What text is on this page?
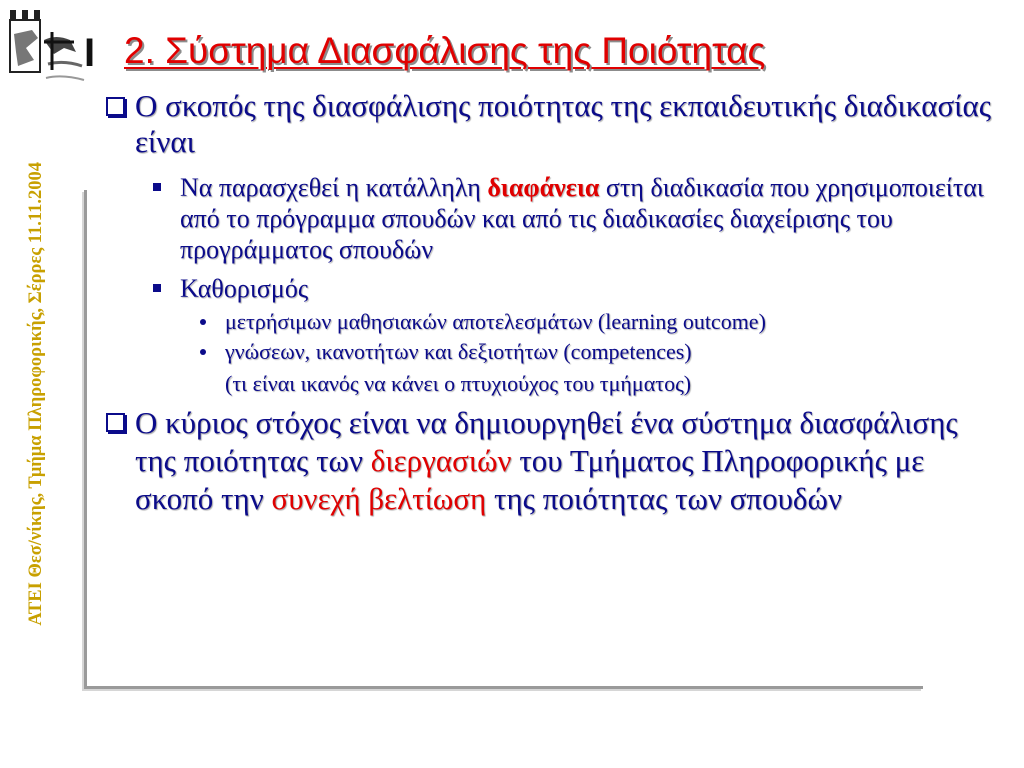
I 2. Σύστημα Διασφάλισης της Ποιότητας
ΑΤΕΙ Θεσ/νίκης, Τμήμα Πληροφορικής, Σέρρες 11.11.2004
Ο σκοπός της διασφάλισης ποιότητας της εκπαιδευτικής διαδικασίας είναι
Να παρασχεθεί η κατάλληλη διαφάνεια στη διαδικασία που χρησιμοποιείται από το πρόγραμμα σπουδών και από τις διαδικασίες διαχείρισης του προγράμματος σπουδών
Καθορισμός
μετρήσιμων μαθησιακών αποτελεσμάτων (learning outcome)
γνώσεων, ικανοτήτων και δεξιοτήτων (competences)
(τι είναι ικανός να κάνει ο πτυχιούχος του τμήματος)
Ο κύριος στόχος είναι να δημιουργηθεί ένα σύστημα διασφάλισης της ποιότητας των διεργασιών του Τμήματος Πληροφορικής με σκοπό την συνεχή βελτίωση της ποιότητας των σπουδών
